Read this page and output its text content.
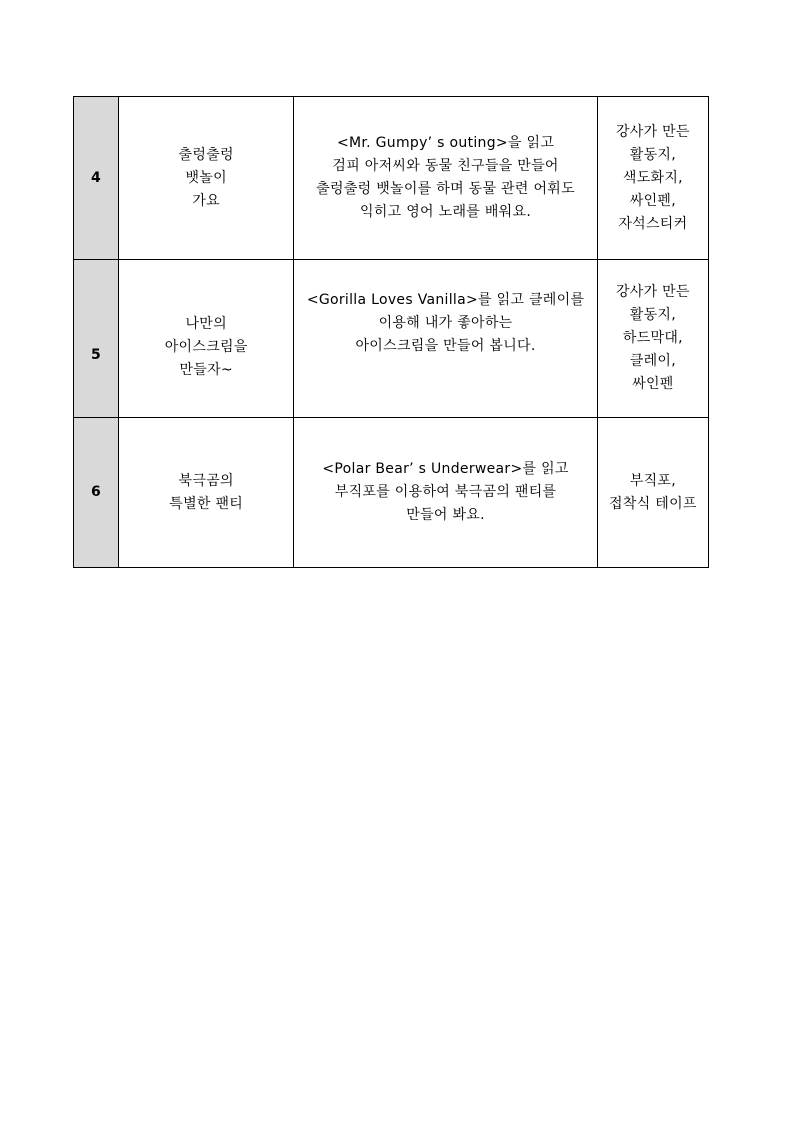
4	출렁출렁
뱃놀이
가요	<Mr. Gumpy’ s outing>을 읽고
검피 아저씨와 동물 친구들을 만들어
출렁출렁 뱃놀이를 하며 동물 관련 어휘도
익히고 영어 노래를 배워요.	강사가 만든
활동지,
색도화지,
싸인펜,
자석스티커

5	나만의
아이스크림을
만들자~	<Gorilla Loves Vanilla>를 읽고 클레이를
이용해 내가 좋아하는
아이스크림을 만들어 봅니다.	강사가 만든
활동지,
하드막대,
클레이,
싸인펜

6	북극곰의
특별한 팬티	<Polar Bear’ s Underwear>를 읽고
부직포를 이용하여 북극곰의 팬티를
만들어 봐요.	부직포,
접착식 테이프
